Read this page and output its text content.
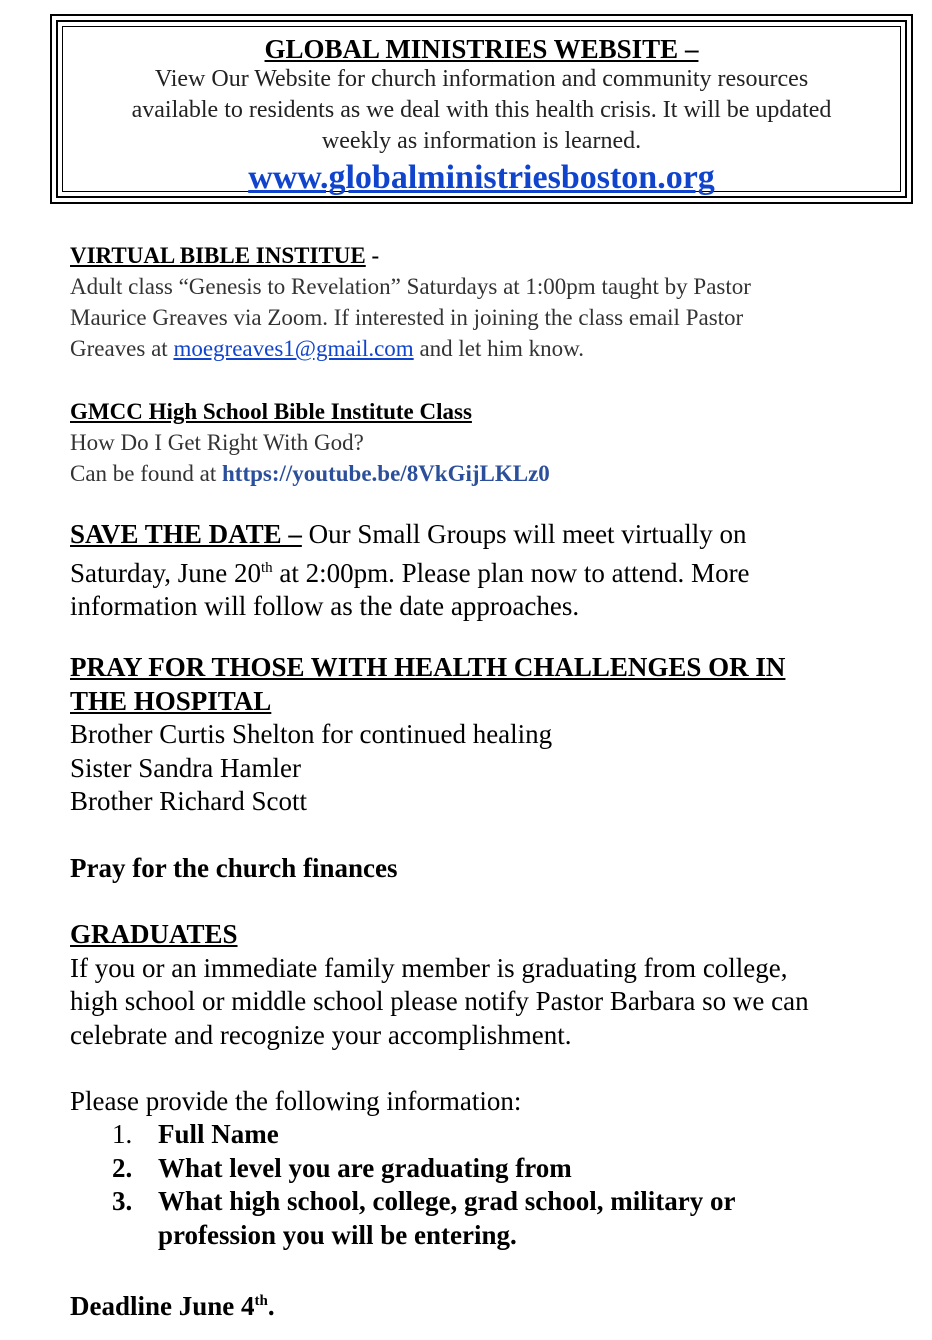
GLOBAL MINISTRIES WEBSITE –
View Our Website for church information and community resources
available to residents as we deal with this health crisis. It will be updated
weekly as information is learned.
www.globalministriesboston.org
VIRTUAL BIBLE INSTITUE -
Adult class “Genesis to Revelation” Saturdays at 1:00pm taught by Pastor
Maurice Greaves via Zoom. If interested in joining the class email Pastor
Greaves at moegreaves1@gmail.com and let him know.
GMCC High School Bible Institute Class
How Do I Get Right With God?
Can be found at https://youtube.be/8VkGijLKLz0
SAVE THE DATE – Our Small Groups will meet virtually on
Saturday, June 20th at 2:00pm. Please plan now to attend. More
information will follow as the date approaches.
PRAY FOR THOSE WITH HEALTH CHALLENGES OR IN
THE HOSPITAL
Brother Curtis Shelton for continued healing
Sister Sandra Hamler
Brother Richard Scott
Pray for the church finances
GRADUATES
If you or an immediate family member is graduating from college,
high school or middle school please notify Pastor Barbara so we can
celebrate and recognize your accomplishment.
Please provide the following information:
1. Full Name
2. What level you are graduating from
3. What high school, college, grad school, military or
profession you will be entering.
Deadline June 4th.
